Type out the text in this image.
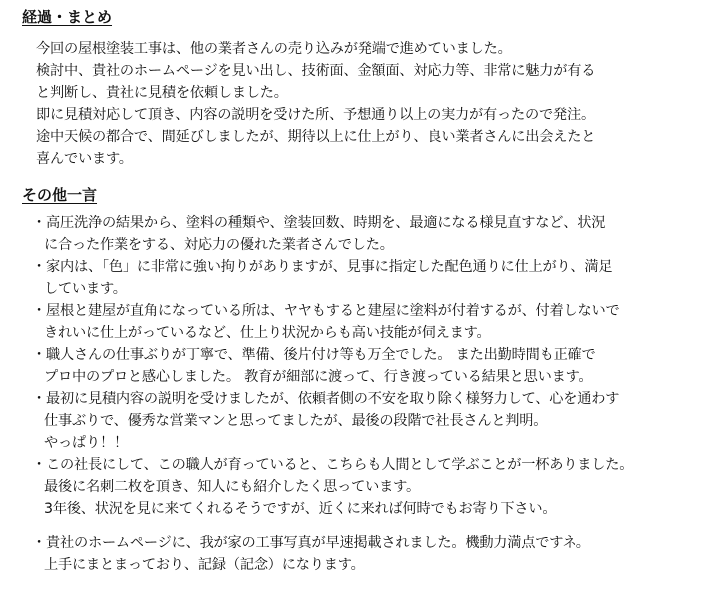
経過・まとめ
今回の屋根塗装工事は、他の業者さんの売り込みが発端で進めていました。
検討中、貴社のホームページを見い出し、技術面、金額面、対応力等、非常に魅力が有る
と判断し、貴社に見積を依頼しました。
即に見積対応して頂き、内容の説明を受けた所、予想通り以上の実力が有ったので発注。
途中天候の都合で、間延びしましたが、期待以上に仕上がり、良い業者さんに出会えたと
喜んでいます。
その他一言
・高圧洗浄の結果から、塗料の種類や、塗装回数、時期を、最適になる様見直すなど、状況
に合った作業をする、対応力の優れた業者さんでした。
・家内は、「色」に非常に強い拘りがありますが、見事に指定した配色通りに仕上がり、満足
しています。
・屋根と建屋が直角になっている所は、ヤヤもすると建屋に塗料が付着するが、付着しないで
きれいに仕上がっているなど、仕上り状況からも高い技能が伺えます。
・職人さんの仕事ぶりが丁寧で、準備、後片付け等も万全でした。 また出勤時間も正確で
プロ中のプロと感心しました。 教育が細部に渡って、行き渡っている結果と思います。
・最初に見積内容の説明を受けましたが、依頼者側の不安を取り除く様努力して、心を通わす
仕事ぶりで、優秀な営業マンと思ってましたが、最後の段階で社長さんと判明。
やっぱり！！
・この社長にして、この職人が育っていると、こちらも人間として学ぶことが一杯ありました。
最後に名刺二枚を頂き、知人にも紹介したく思っています。
3年後、状況を見に来てくれるそうですが、近くに来れば何時でもお寄り下さい。
・貴社のホームページに、我が家の工事写真が早速掲載されました。機動力満点ですネ。
上手にまとまっており、記録（記念）になります。
